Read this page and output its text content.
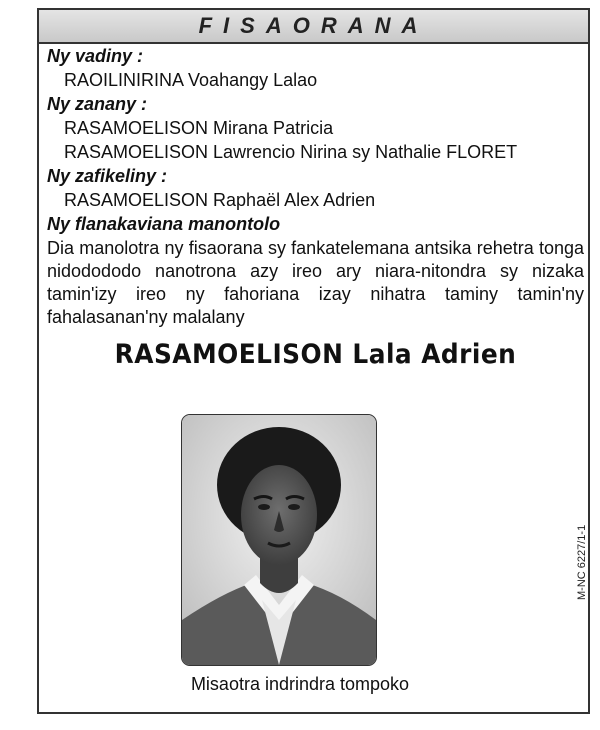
FISAORANA
Ny vadiny :
RAOILINIRINA Voahangy Lalao
Ny zanany :
RASAMOELISON Mirana Patricia
RASAMOELISON Lawrencio Nirina sy Nathalie FLORET
Ny zafikeliny :
RASAMOELISON Raphaël Alex Adrien
Ny flanakaviana manontolo
Dia manolotra ny fisaorana sy fankatelemana antsika rehetra tonga nidodododo nanotrona azy ireo ary niara-nitondra sy nizaka tamin'izy ireo ny fahoriana izay nihatra taminy tamin'ny fahalasanan'ny malalany
RASAMOELISON Lala Adrien
Misaotra indrindra tompoko
M-NC 6227/1-1
